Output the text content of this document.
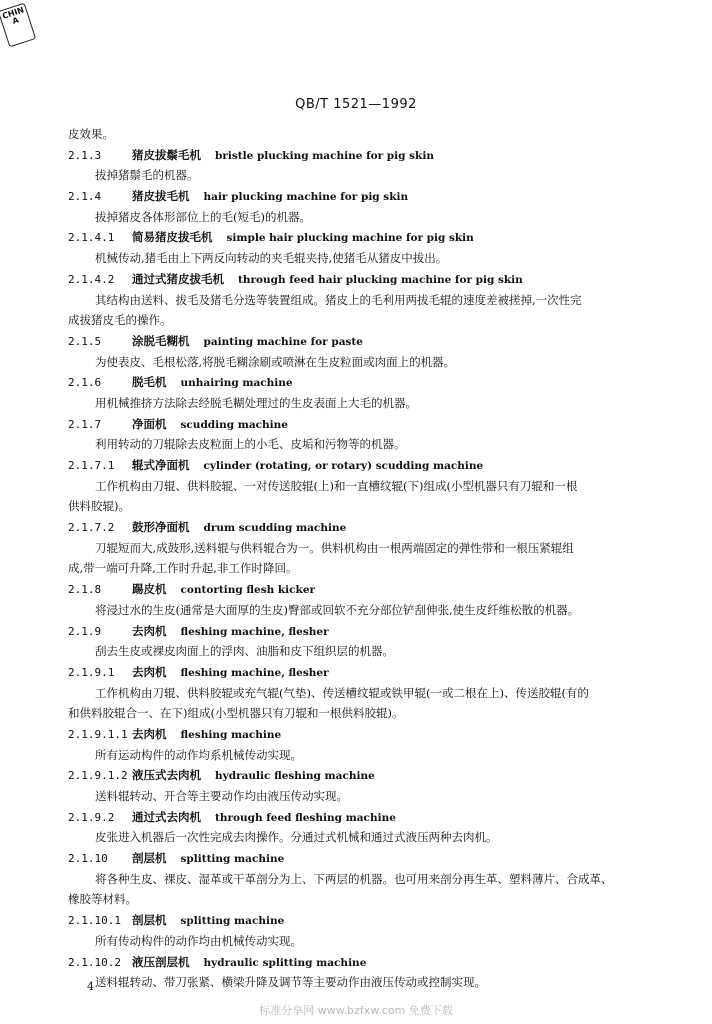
CHINA
QB/T 1521—1992
皮效果。
2.1.3	猪皮拔鬃毛机 bristle plucking machine for pig skin
拔掉猪鬃毛的机器。
2.1.4	猪皮拔毛机 hair plucking machine for pig skin
拔掉猪皮各体形部位上的毛(短毛)的机器。
2.1.4.1 简易猪皮拔毛机 simple hair plucking machine for pig skin
机械传动,猪毛由上下两反向转动的夹毛辊夹持,使猪毛从猪皮中拔出。
2.1.4.2 通过式猪皮拔毛机 through feed hair plucking machine for pig skin
其结构由送料、拔毛及猪毛分选等装置组成。猪皮上的毛利用两拔毛辊的速度差被搓掉,一次性完
成拔猪皮毛的操作。
2.1.5	涂脱毛糊机 painting machine for paste
为使表皮、毛根松落,将脱毛糊涂刷或喷淋在生皮粒面或肉面上的机器。
2.1.6	脱毛机 unhairing machine
用机械推挤方法除去经脱毛糊处理过的生皮表面上大毛的机器。
2.1.7	净面机 scudding machine
利用转动的刀辊除去皮粒面上的小毛、皮垢和污物等的机器。
2.1.7.1 辊式净面机 cylinder (rotating, or rotary) scudding machine
工作机构由刀辊、供料胶辊、一对传送胶辊(上)和一直槽纹辊(下)组成(小型机器只有刀辊和一根
供料胶辊)。
2.1.7.2 鼓形净面机 drum scudding machine
刀辊短而大,成鼓形,送料辊与供料辊合为一。供料机构由一根两端固定的弹性带和一根压紧辊组
成,带一端可升降,工作时升起,非工作时降回。
2.1.8	踢皮机 contorting flesh kicker
将浸过水的生皮(通常是大面厚的生皮)臀部或回软不充分部位铲刮伸张,使生皮纤维松散的机器。
2.1.9	去肉机 fleshing machine, flesher
刮去生皮或裸皮肉面上的浮肉、油脂和皮下组织层的机器。
2.1.9.1 去肉机 fleshing machine, flesher
工作机构由刀辊、供料胶辊或充气辊(气垫)、传送槽纹辊或铁甲辊(一或二根在上)、传送胶辊(有的
和供料胶辊合一、在下)组成(小型机器只有刀辊和一根供料胶辊)。
2.1.9.1.1 去肉机 fleshing machine
所有运动构件的动作均系机械传动实现。
2.1.9.1.2 液压式去肉机 hydraulic fleshing machine
送料辊转动、开合等主要动作均由液压传动实现。
2.1.9.2 通过式去肉机 through feed fleshing machine
皮张进入机器后一次性完成去肉操作。分通过式机械和通过式液压两种去肉机。
2.1.10 剖层机 splitting machine
将各种生皮、裸皮、湿革或干革剖分为上、下两层的机器。也可用来剖分再生革、塑料薄片、合成革、
橡胶等材料。
2.1.10.1 剖层机 splitting machine
所有传动构件的动作均由机械传动实现。
2.1.10.2 液压剖层机 hydraulic splitting machine
送料辊转动、带刀张紧、横梁升降及调节等主要动作由液压传动或控制实现。
4
标准分享网 www.bzfxw.com 免费下载
